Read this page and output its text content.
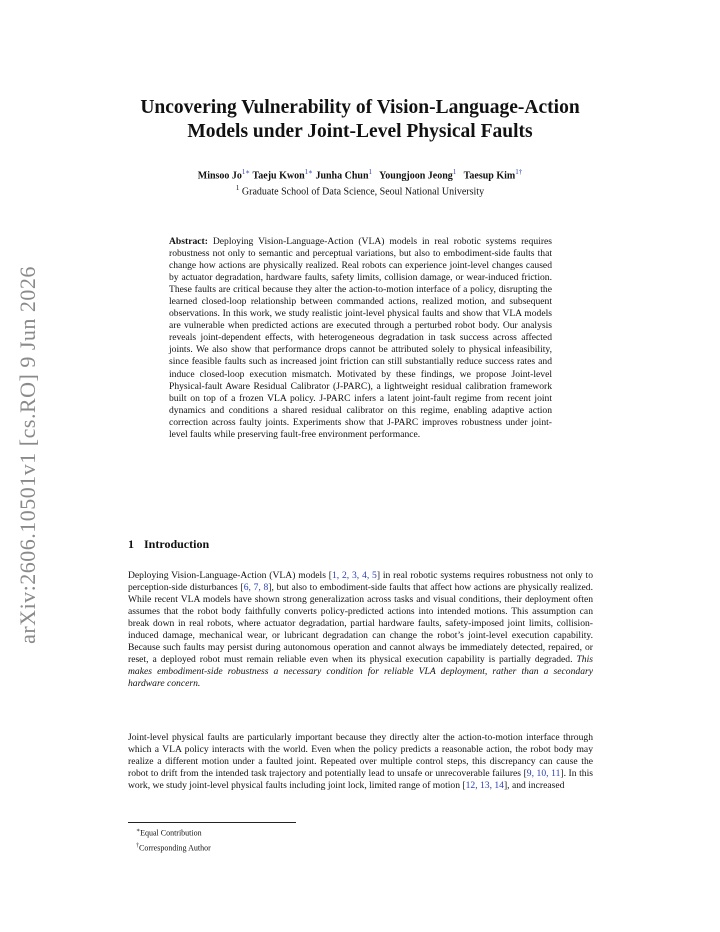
arXiv:2606.10501v1 [cs.RO] 9 Jun 2026
Uncovering Vulnerability of Vision-Language-Action Models under Joint-Level Physical Faults
Minsoo $Jo^{1∗}$ Taeju Kwon$^{1∗}$ Junha Chun$^1$ Youngjoon Jeong$^1$ Taesup Kim$^{1\dagger}$
$^1$ Graduate School of Data Science, Seoul National University

Abstract: Deploying Vision-Language-Action (VLA) models in real robotic systems requires robustness not only to semantic and perceptual variations, but also to embodiment-side faults that change how actions are physically realized. Real robots can experience joint-level changes caused by actuator degradation, hardware faults, safety limits, collision damage, or wear-induced friction. These faults are critical because they alter the action-to-motion interface of a policy, disrupting the learned closed-loop relationship between commanded actions, realized motion, and subsequent observations. In this work, we study realistic joint-level physical faults and show that VLA models are vulnerable when predicted actions are executed through a perturbed robot body. Our analysis reveals joint-dependent effects, with heterogeneous degradation in task success across affected joints. We also show that performance drops cannot be attributed solely to physical infeasibility, since feasible faults such as increased joint friction can still substantially reduce success rates and induce closed-loop execution mismatch. Motivated by these findings, we propose Joint-level Physical-fault Aware Residual Calibrator (J-PARC), a lightweight residual calibration framework built on top of a frozen VLA policy. J-PARC infers a latent joint-fault regime from recent joint dynamics and conditions a shared residual calibrator on this regime, enabling adaptive action correction across faulty joints. Experiments show that J-PARC improves robustness under joint-level faults while preserving fault-free environment performance.

1 Introduction

Deploying Vision-Language-Action (VLA) models [1, 2, 3, 4, 5] in real robotic systems requires robustness not only to perception-side disturbances [6, 7, 8], but also to embodiment-side faults that affect how actions are physically realized. While recent VLA models have shown strong generalization across tasks and visual conditions, their deployment often assumes that the robot body faithfully converts policy-predicted actions into intended motions. This assumption can break down in real robots, where actuator degradation, partial hardware faults, safety-imposed joint limits, collision-induced damage, mechanical wear, or lubricant degradation can change the robot’s joint-level execution capability. Because such faults may persist during autonomous operation and cannot always be immediately detected, repaired, or reset, a deployed robot must remain reliable even when its physical execution capability is partially degraded. This makes embodiment-side robustness a necessary condition for reliable VLA deployment, rather than a secondary hardware concern.

Joint-level physical faults are particularly important because they directly alter the action-to-motion interface through which a VLA policy interacts with the world. Even when the policy predicts a reasonable action, the robot body may realize a different motion under a faulted joint. Repeated over multiple control steps, this discrepancy can cause the robot to drift from the intended task trajectory and potentially lead to unsafe or unrecoverable failures [9, 10, 11]. In this work, we study joint-level physical faults including joint lock, limited range of motion [12, 13, 14], and increased

∗Equal Contribution
†Corresponding Author
